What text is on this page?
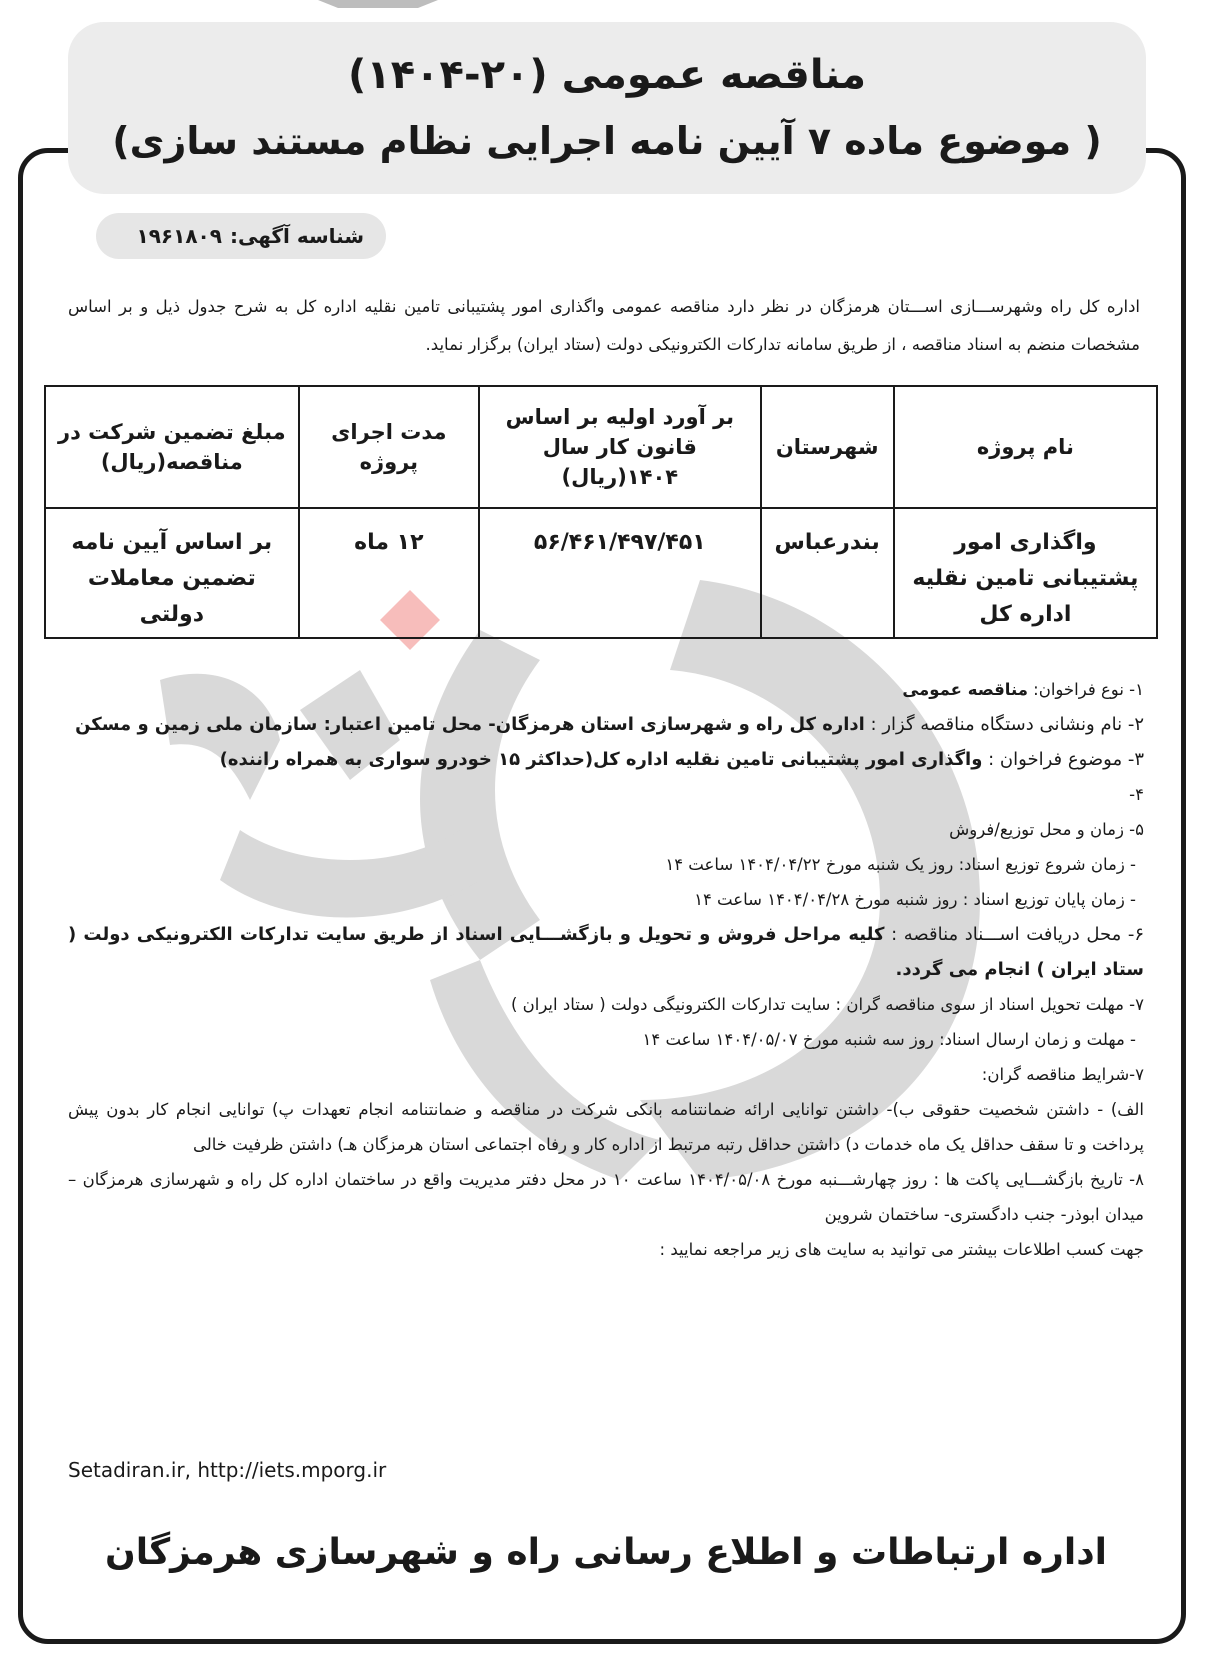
مناقصه عمومی (۲۰-۱۴۰۴)
( موضوع ماده ۷ آیین نامه اجرایی نظام مستند سازی)
شناسه آگهی:
۱۹۶۱۸۰۹
اداره کل راه وشهرســـازی اســـتان هرمزگان در نظر دارد مناقصه عمومی واگذاری امور پشتیبانی تامین نقلیه اداره کل به شرح جدول ذیل و بر اساس مشخصات منضم به اسناد مناقصه ، از طریق سامانه تدارکات الکترونیکی دولت (ستاد ایران) برگزار نماید.
نام پروژه	شهرستان	بر آورد اولیه بر اساس قانون کار سال ۱۴۰۴(ریال)	مدت اجرای پروژه	مبلغ تضمین شرکت در مناقصه(ریال)
واگذاری امور پشتیبانی تامین نقلیه اداره کل	بندرعباس	۵۶/۴۶۱/۴۹۷/۴۵۱	۱۲ ماه	بر اساس آیین نامه تضمین معاملات دولتی
۱- نوع فراخوان: مناقصه عمومی
۲- نام ونشانی دستگاه مناقصه گزار : اداره کل راه و شهرسازی استان هرمزگان- محل تامین اعتبار: سازمان ملی زمین و مسکن
۳- موضوع فراخوان : واگذاری امور پشتیبانی تامین نقلیه اداره کل(حداکثر ۱۵ خودرو سواری به همراه راننده)
۴-
۵- زمان و محل توزیع/فروش
- زمان شروع توزیع اسناد: روز یک شنبه مورخ ۱۴۰۴/۰۴/۲۲ ساعت ۱۴
- زمان پایان توزیع اسناد : روز شنبه مورخ ۱۴۰۴/۰۴/۲۸ ساعت ۱۴
۶- محل دریافت اســـناد مناقصه : کلیه مراحل فروش و تحویل و بازگشـــایی اسناد از طریق سایت تدارکات الکترونیکی دولت ( ستاد ایران ) انجام می گردد.
۷- مهلت تحویل اسناد از سوی مناقصه گران : سایت تدارکات الکترونیگی دولت ( ستاد ایران )
- مهلت و زمان ارسال اسناد: روز سه شنبه مورخ ۱۴۰۴/۰۵/۰۷ ساعت ۱۴
۷-شرایط مناقصه گران:
الف) - داشتن شخصیت حقوقی ب)- داشتن توانایی ارائه ضمانتنامه بانکی شرکت در مناقصه و ضمانتنامه انجام تعهدات پ) توانایی انجام کار بدون پیش پرداخت و تا سقف حداقل یک ماه خدمات د) داشتن حداقل رتبه مرتبط از اداره کار و رفاه اجتماعی استان هرمزگان هـ) داشتن ظرفیت خالی
۸- تاریخ بازگشـــایی پاکت ها : روز چهارشـــنبه مورخ ۱۴۰۴/۰۵/۰۸ ساعت ۱۰ در محل دفتر مدیریت واقع در ساختمان اداره کل راه و شهرسازی هرمزگان – میدان ابوذر- جنب دادگستری- ساختمان شروین
جهت کسب اطلاعات بیشتر می توانید به سایت های زیر مراجعه نمایید :
Setadiran.ir, http://iets.mporg.ir
اداره ارتباطات و اطلاع رسانی راه و شهرسازی هرمزگان
